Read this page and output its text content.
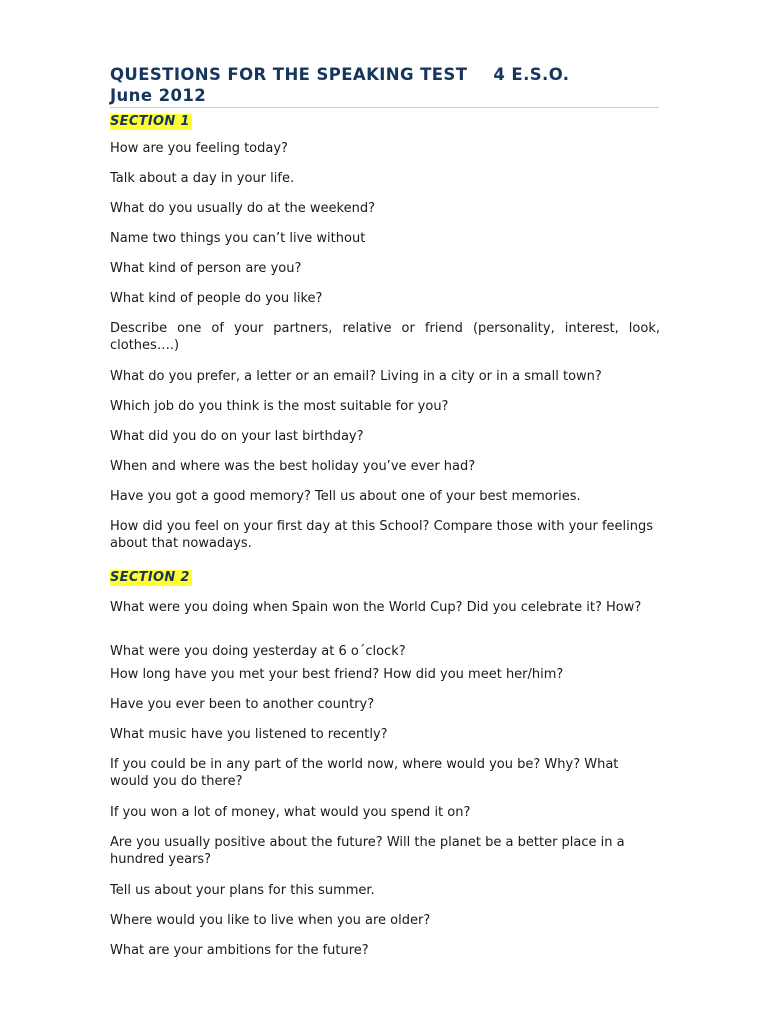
QUESTIONS FOR THE SPEAKING TEST 4 E.S.O.
June 2012
SECTION 1

How are you feeling today?

Talk about a day in your life.

What do you usually do at the weekend?

Name two things you can’t live without

What kind of person are you?

What kind of people do you like?

Describe one of your partners, relative or friend (personality, interest, look, clothes….)

What do you prefer, a letter or an email? Living in a city or in a small town?

Which job do you think is the most suitable for you?

What did you do on your last birthday?

When and where was the best holiday you’ve ever had?

Have you got a good memory? Tell us about one of your best memories.

How did you feel on your first day at this School? Compare those with your feelings about that nowadays.

SECTION 2

What were you doing when Spain won the World Cup? Did you celebrate it? How?

What were you doing yesterday at 6 o´clock?

How long have you met your best friend? How did you meet her/him?

Have you ever been to another country?

What music have you listened to recently?

If you could be in any part of the world now, where would you be? Why? What would you do there?

If you won a lot of money, what would you spend it on?

Are you usually positive about the future? Will the planet be a better place in a hundred years?

Tell us about your plans for this summer.

Where would you like to live when you are older?

What are your ambitions for the future?
